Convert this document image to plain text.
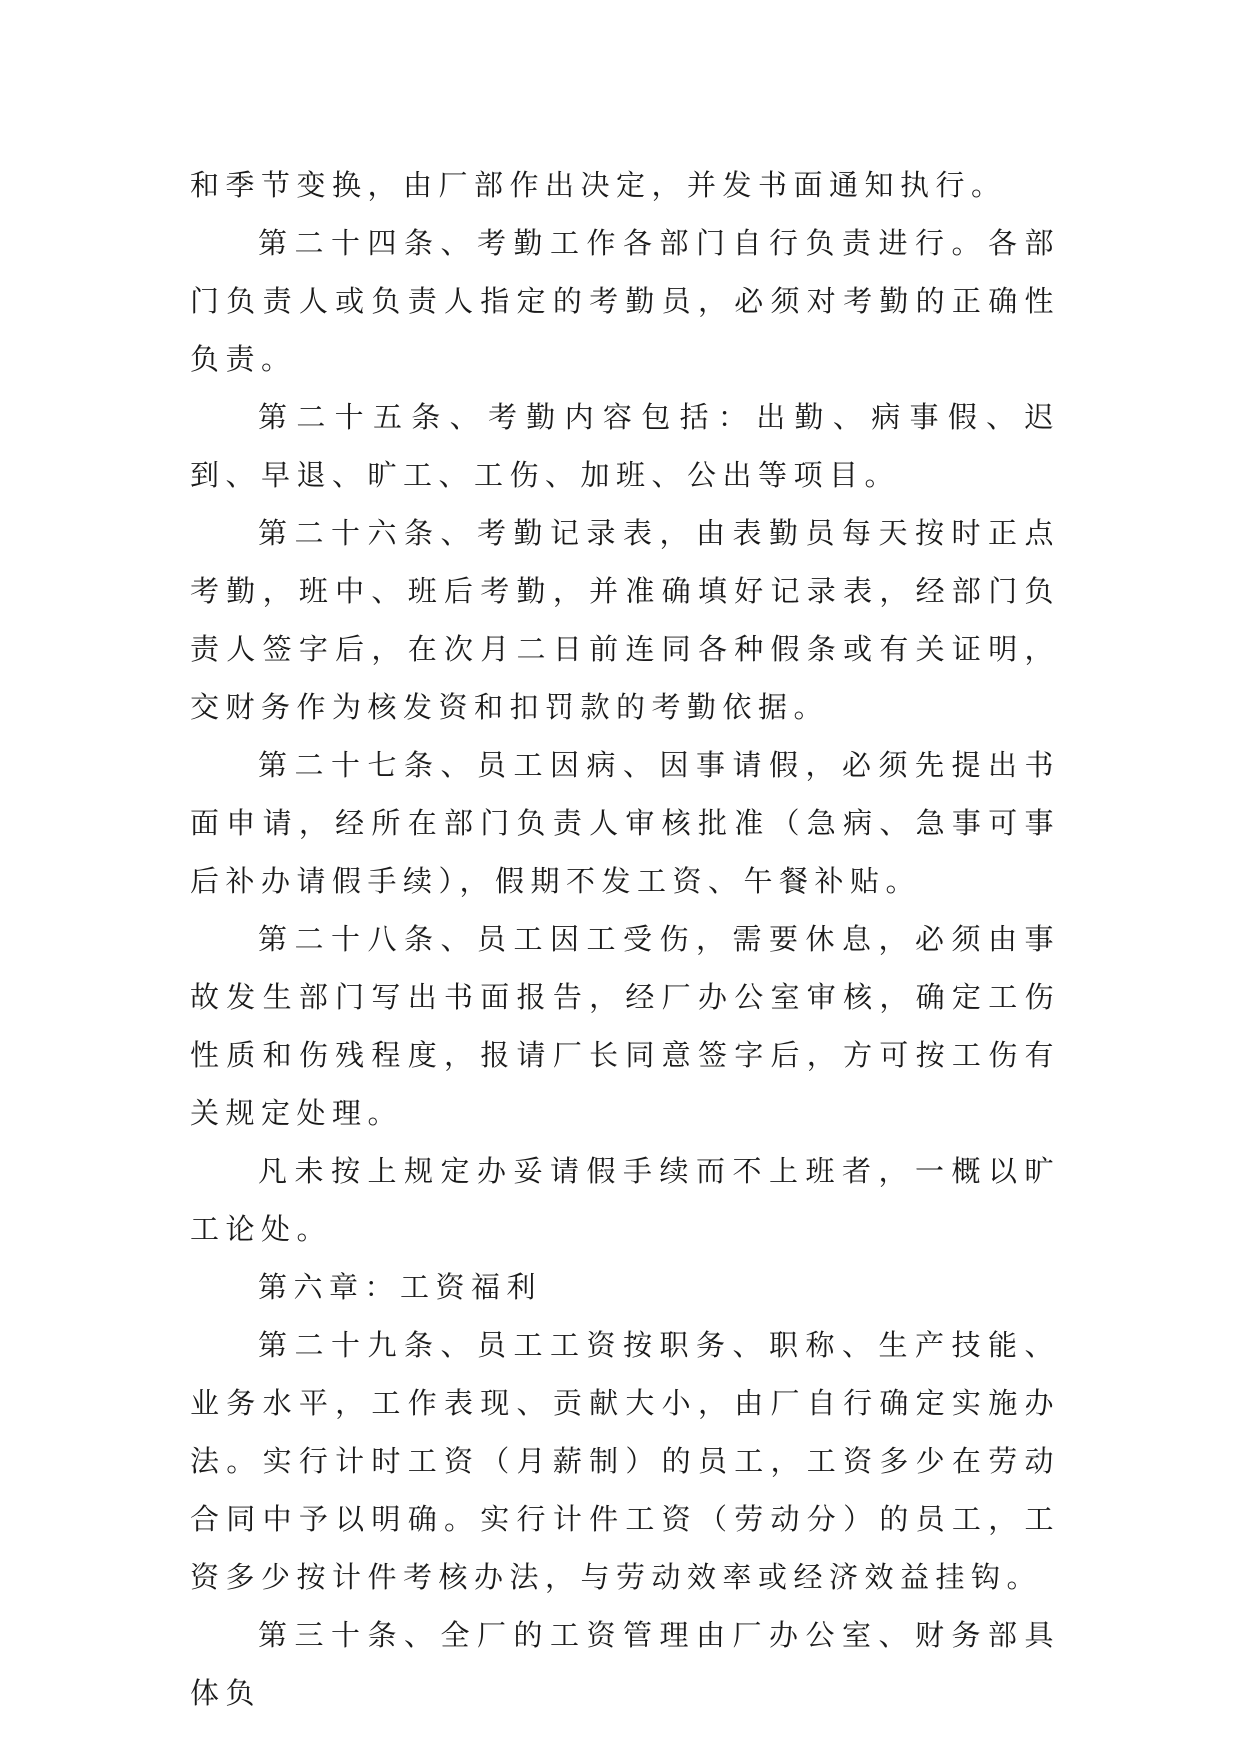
和季节变换，由厂部作出决定，并发书面通知执行。

第二十四条、考勤工作各部门自行负责进行。各部门负责人或负责人指定的考勤员，必须对考勤的正确性负责。

第二十五条、考勤内容包括：出勤、病事假、迟到、早退、旷工、工伤、加班、公出等项目。

第二十六条、考勤记录表，由表勤员每天按时正点考勤，班中、班后考勤，并准确填好记录表，经部门负责人签字后，在次月二日前连同各种假条或有关证明，交财务作为核发资和扣罚款的考勤依据。

第二十七条、员工因病、因事请假，必须先提出书面申请，经所在部门负责人审核批准（急病、急事可事后补办请假手续），假期不发工资、午餐补贴。

第二十八条、员工因工受伤，需要休息，必须由事故发生部门写出书面报告，经厂办公室审核，确定工伤性质和伤残程度，报请厂长同意签字后，方可按工伤有关规定处理。

凡未按上规定办妥请假手续而不上班者，一概以旷工论处。

第六章：工资福利

第二十九条、员工工资按职务、职称、生产技能、业务水平，工作表现、贡献大小，由厂自行确定实施办法。实行计时工资（月薪制）的员工，工资多少在劳动合同中予以明确。实行计件工资（劳动分）的员工，工资多少按计件考核办法，与劳动效率或经济效益挂钩。

第三十条、全厂的工资管理由厂办公室、财务部具体负
